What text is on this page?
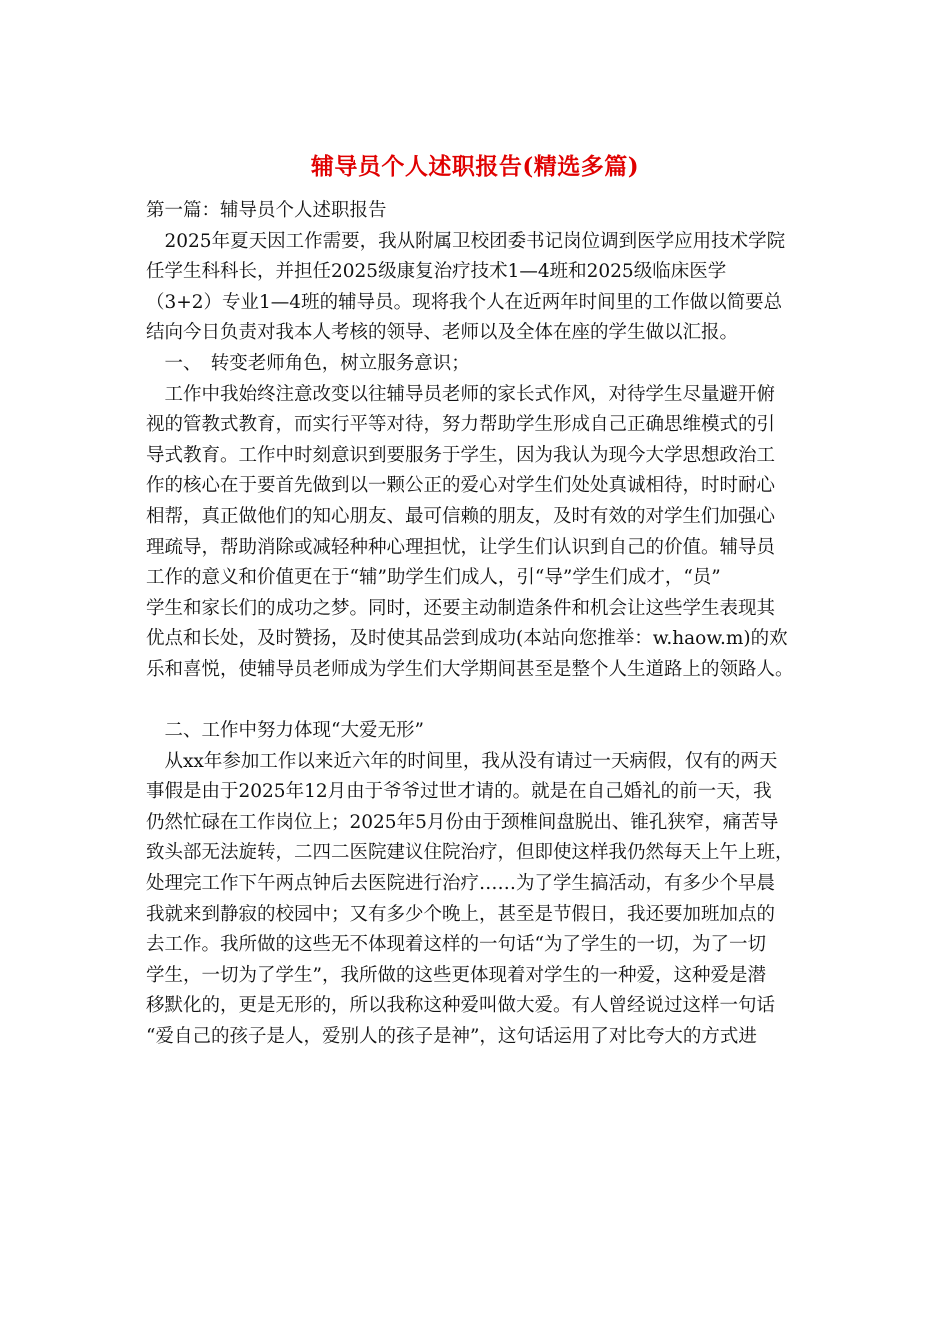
辅导员个人述职报告(精选多篇)
第一篇：辅导员个人述职报告
　2025年夏天因工作需要，我从附属卫校团委书记岗位调到医学应用技术学院
任学生科科长，并担任2025级康复治疗技术1—4班和2025级临床医学
（3+2）专业1—4班的辅导员。现将我个人在近两年时间里的工作做以简要总
结向今日负责对我本人考核的领导、老师以及全体在座的学生做以汇报。
　一、　转变老师角色，树立服务意识；
　工作中我始终注意改变以往辅导员老师的家长式作风，对待学生尽量避开俯
视的管教式教育，而实行平等对待，努力帮助学生形成自己正确思维模式的引
导式教育。工作中时刻意识到要服务于学生，因为我认为现今大学思想政治工
作的核心在于要首先做到以一颗公正的爱心对学生们处处真诚相待，时时耐心
相帮，真正做他们的知心朋友、最可信赖的朋友，及时有效的对学生们加强心
理疏导，帮助消除或减轻种种心理担忧，让学生们认识到自己的价值。辅导员
工作的意义和价值更在于“辅”助学生们成人，引“导”学生们成才，“员”
学生和家长们的成功之梦。同时，还要主动制造条件和机会让这些学生表现其
优点和长处，及时赞扬，及时使其品尝到成功(本站向您推举：w.haow.m)的欢
乐和喜悦，使辅导员老师成为学生们大学期间甚至是整个人生道路上的领路人。
　二、工作中努力体现“大爱无形”
　从xx年参加工作以来近六年的时间里，我从没有请过一天病假，仅有的两天
事假是由于2025年12月由于爷爷过世才请的。就是在自己婚礼的前一天，我
仍然忙碌在工作岗位上；2025年5月份由于颈椎间盘脱出、锥孔狭窄，痛苦导
致头部无法旋转，二四二医院建议住院治疗，但即使这样我仍然每天上午上班，
处理完工作下午两点钟后去医院进行治疗……为了学生搞活动，有多少个早晨
我就来到静寂的校园中；又有多少个晚上，甚至是节假日，我还要加班加点的
去工作。我所做的这些无不体现着这样的一句话“为了学生的一切，为了一切
学生，一切为了学生”，我所做的这些更体现着对学生的一种爱，这种爱是潜
移默化的，更是无形的，所以我称这种爱叫做大爱。有人曾经说过这样一句话
“爱自己的孩子是人，爱别人的孩子是神”，这句话运用了对比夸大的方式进
